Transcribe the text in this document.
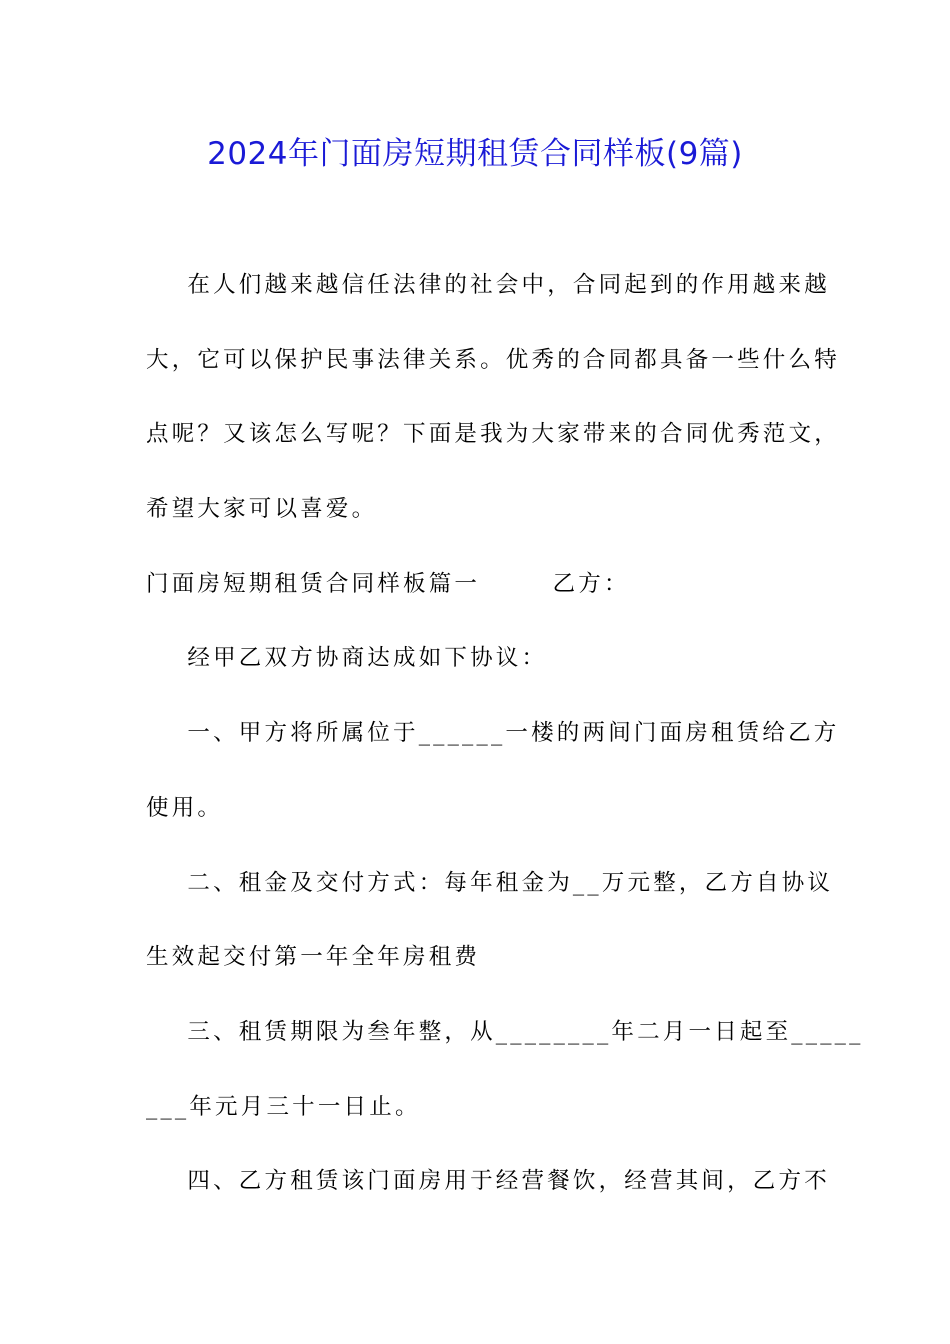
2024年门面房短期租赁合同样板(9篇)
在人们越来越信任法律的社会中，合同起到的作用越来越
大，它可以保护民事法律关系。优秀的合同都具备一些什么特
点呢？又该怎么写呢？下面是我为大家带来的合同优秀范文，
希望大家可以喜爱。
门面房短期租赁合同样板篇一       乙方：
经甲乙双方协商达成如下协议：
一、甲方将所属位于______一楼的两间门面房租赁给乙方
使用。
二、租金及交付方式：每年租金为__万元整，乙方自协议
生效起交付第一年全年房租费
三、租赁期限为叁年整，从________年二月一日起至_____
___年元月三十一日止。
四、乙方租赁该门面房用于经营餐饮，经营其间，乙方不
